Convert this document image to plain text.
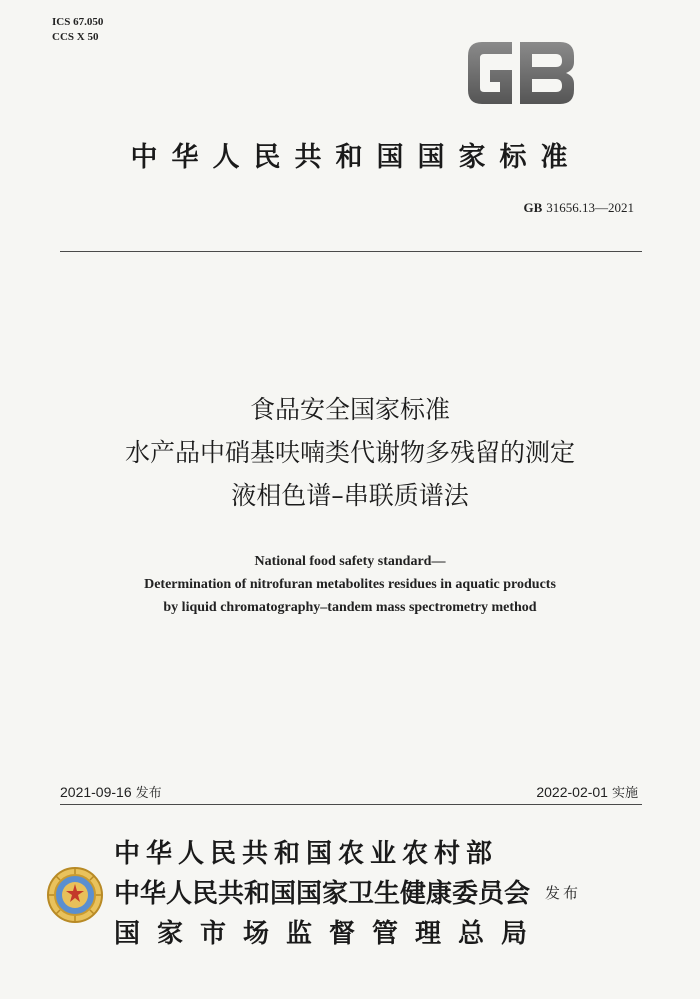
ICS 67.050
CCS X 50
中华人民共和国国家标准
GB 31656.13—2021
食品安全国家标准
水产品中硝基呋喃类代谢物多残留的测定
液相色谱–串联质谱法
National food safety standard—
Determination of nitrofuran metabolites residues in aquatic products
by liquid chromatography–tandem mass spectrometry method
2021-09-16 发布	2022-02-01 实施
中华人民共和国农业农村部
中华人民共和国国家卫生健康委员会
国家市场监督管理总局
发布
